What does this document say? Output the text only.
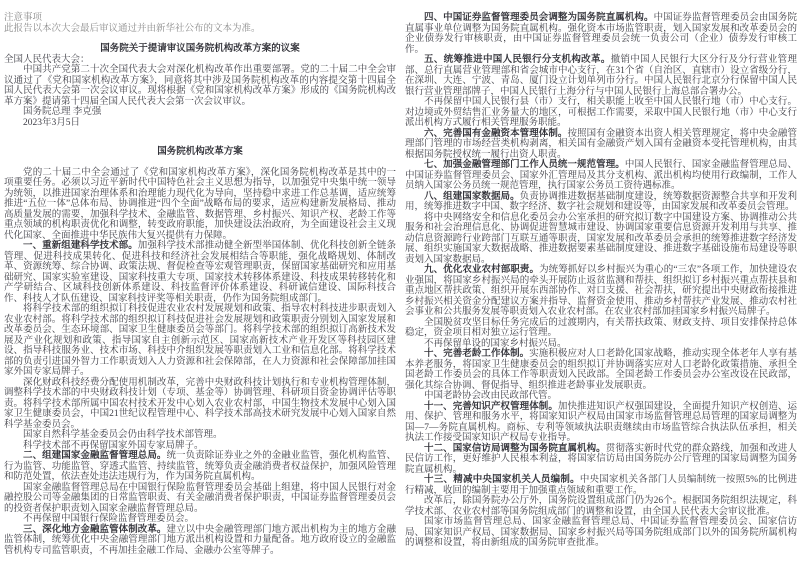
注意事项

此报告以本次大会最后审议通过并由新华社公布的文本为准。

国务院关于提请审议国务院机构改革方案的议案

全国人民代表大会：

中国共产党第二十次全国代表大会对深化机构改革作出重要部署。党的二十届二中全会审议通过了《党和国家机构改革方案》，同意将其中涉及国务院机构改革的内容提交第十四届全国人民代表大会第一次会议审议。现将根据《党和国家机构改革方案》形成的《国务院机构改革方案》提请第十四届全国人民代表大会第一次会议审议。

国务院总理 李克强

2023年3月5日

国务院机构改革方案

党的二十届二中全会通过了《党和国家机构改革方案》，深化国务院机构改革是其中的一项重要任务。必须以习近平新时代中国特色社会主义思想为指导，以加强党中央集中统一领导为统领，以推进国家治理体系和治理能力现代化为导向，坚持稳中求进工作总基调，适应统筹推进“五位一体”总体布局、协调推进“四个全面”战略布局的要求，适应构建新发展格局、推动高质量发展的需要，加强科学技术、金融监管、数据管理、乡村振兴、知识产权、老龄工作等重点领域的机构职责优化和调整，转变政府职能，加快建设法治政府，为全面建设社会主义现代化国家、全面推进中华民族伟大复兴提供有力保障。

一、重新组建科学技术部。加强科学技术部推动健全新型举国体制、优化科技创新全链条管理、促进科技成果转化、促进科技和经济社会发展相结合等职能，强化战略规划、体制改革、资源统筹、综合协调、政策法规、督促检查等宏观管理职责，保留国家基础研究和应用基础研究、国家实验室建设、国家科技重大专项、国家技术转移体系建设、科技成果转移转化和产学研结合、区域科技创新体系建设、科技监督评价体系建设、科研诚信建设、国际科技合作、科技人才队伍建设、国家科技评奖等相关职责，仍作为国务院组成部门。

将科学技术部的组织拟订科技促进农业农村发展规划和政策、指导农村科技进步职责划入农业农村部。将科学技术部的组织拟订科技促进社会发展规划和政策职责分别划入国家发展和改革委员会、生态环境部、国家卫生健康委员会等部门。将科学技术部的组织拟订高新技术发展及产业化规划和政策、指导国家自主创新示范区、国家高新技术产业开发区等科技园区建设、指导科技服务业、技术市场、科技中介组织发展等职责划入工业和信息化部。将科学技术部的负责引进国外智力工作职责划入人力资源和社会保障部，在人力资源和社会保障部加挂国家外国专家局牌子。

深化财政科技经费分配使用机制改革，完善中央财政科技计划执行和专业机构管理体制，调整科学技术部的中央财政科技计划（专项、基金等）协调管理、科研项目资金协调评估等职责。将科学技术部所属中国农村技术开发中心划入农业农村部，中国生物技术发展中心划入国家卫生健康委员会，中国21世纪议程管理中心、科学技术部高技术研究发展中心划入国家自然科学基金委员会。

国家自然科学基金委员会仍由科学技术部管理。

科学技术部不再保留国家外国专家局牌子。

二、组建国家金融监督管理总局。统一负责除证券业之外的金融业监管，强化机构监管、行为监管、功能监管、穿透式监管、持续监管，统筹负责金融消费者权益保护，加强风险管理和防范处置，依法查处违法违规行为，作为国务院直属机构。

国家金融监督管理总局在中国银行保险监督管理委员会基础上组建，将中国人民银行对金融控股公司等金融集团的日常监管职责、有关金融消费者保护职责，中国证券监督管理委员会的投资者保护职责划入国家金融监督管理总局。

不再保留中国银行保险监督管理委员会。

三、深化地方金融监管体制改革。建立以中央金融管理部门地方派出机构为主的地方金融监管体制，统筹优化中央金融管理部门地方派出机构设置和力量配备。地方政府设立的金融监管机构专司监管职责，不再加挂金融工作局、金融办公室等牌子。

四、中国证券监督管理委员会调整为国务院直属机构。中国证券监督管理委员会由国务院直属事业单位调整为国务院直属机构。强化资本市场监管职责，划入国家发展和改革委员会的企业债券发行审核职责，由中国证券监督管理委员会统一负责公司（企业）债券发行审核工作。

五、统筹推进中国人民银行分支机构改革。撤销中国人民银行大区分行及分行营业管理部、总行直属营业管理部和省会城市中心支行，在31个省（自治区、直辖市）设立省级分行，在深圳、大连、宁波、青岛、厦门设立计划单列市分行。中国人民银行北京分行保留中国人民银行营业管理部牌子，中国人民银行上海分行与中国人民银行上海总部合署办公。

不再保留中国人民银行县（市）支行，相关职能上收至中国人民银行地（市）中心支行。对边境或外贸结售汇业务量大的地区，可根据工作需要，采取中国人民银行地（市）中心支行派出机构方式履行相关管理服务职能。

六、完善国有金融资本管理体制。按照国有金融资本出资人相关管理规定，将中央金融管理部门管理的市场经营类机构剥离，相关国有金融资产划入国有金融资本受托管理机构，由其根据国务院授权统一履行出资人职责。

七、加强金融管理部门工作人员统一规范管理。中国人民银行、国家金融监督管理总局、中国证券监督管理委员会、国家外汇管理局及其分支机构、派出机构均使用行政编制，工作人员纳入国家公务员统一规范管理，执行国家公务员工资待遇标准。

八、组建国家数据局。负责协调推进数据基础制度建设，统筹数据资源整合共享和开发利用，统筹推进数字中国、数字经济、数字社会规划和建设等，由国家发展和改革委员会管理。

将中央网络安全和信息化委员会办公室承担的研究拟订数字中国建设方案、协调推动公共服务和社会治理信息化、协调促进智慧城市建设、协调国家重要信息资源开发利用与共享、推动信息资源跨行业跨部门互联互通等职责，国家发展和改革委员会承担的统筹推进数字经济发展、组织实施国家大数据战略、推进数据要素基础制度建设、推进数字基础设施布局建设等职责划入国家数据局。

九、优化农业农村部职责。为统筹抓好以乡村振兴为重心的“三农”各项工作，加快建设农业强国，将国家乡村振兴局的牵头开展防止返贫监测和帮扶、组织拟订乡村振兴重点帮扶县和重点地区帮扶政策、组织开展东西部协作、对口支援、社会帮扶，研究提出中央财政衔接推进乡村振兴相关资金分配建议方案并指导、监督资金使用、推动乡村帮扶产业发展、推动农村社会事业和公共服务发展等职责划入农业农村部。在农业农村部加挂国家乡村振兴局牌子。

全国脱贫攻坚目标任务完成后的过渡期内，有关帮扶政策、财政支持、项目安排保持总体稳定，资金项目相对独立运行管理。

不再保留单设的国家乡村振兴局。

十、完善老龄工作体制。实施积极应对人口老龄化国家战略，推动实现全体老年人享有基本养老服务，将国家卫生健康委员会的组织拟订并协调落实应对人口老龄化政策措施、承担全国老龄工作委员会的具体工作等职责划入民政部。全国老龄工作委员会办公室改设在民政部，强化其综合协调、督促指导、组织推进老龄事业发展职责。

中国老龄协会改由民政部代管。

十一、完善知识产权管理体制。加快推进知识产权强国建设，全面提升知识产权创造、运用、保护、管理和服务水平，将国家知识产权局由国家市场监督管理总局管理的国家局调整为国—7—务院直属机构。商标、专利等领域执法职责继续由市场监管综合执法队伍承担，相关执法工作接受国家知识产权局专业指导。

十二、国家信访局调整为国务院直属机构。贯彻落实新时代党的群众路线，加强和改进人民信访工作，更好维护人民根本利益，将国家信访局由国务院办公厅管理的国家局调整为国务院直属机构。

十三、精减中央国家机关人员编制。中央国家机关各部门人员编制统一按照5%的比例进行精减，收回的编制主要用于加强重点领域和重要工作。

改革后，除国务院办公厅外，国务院设置组成部门仍为26个。根据国务院组织法规定，科学技术部、农业农村部等国务院组成部门的调整和设置，由全国人民代表大会审议批准。

国家市场监督管理总局、国家金融监督管理总局、中国证券监督管理委员会、国家信访局、国家知识产权局、国家数据局、国家乡村振兴局等国务院组成部门以外的国务院所属机构的调整和设置，将由新组成的国务院审查批准。
